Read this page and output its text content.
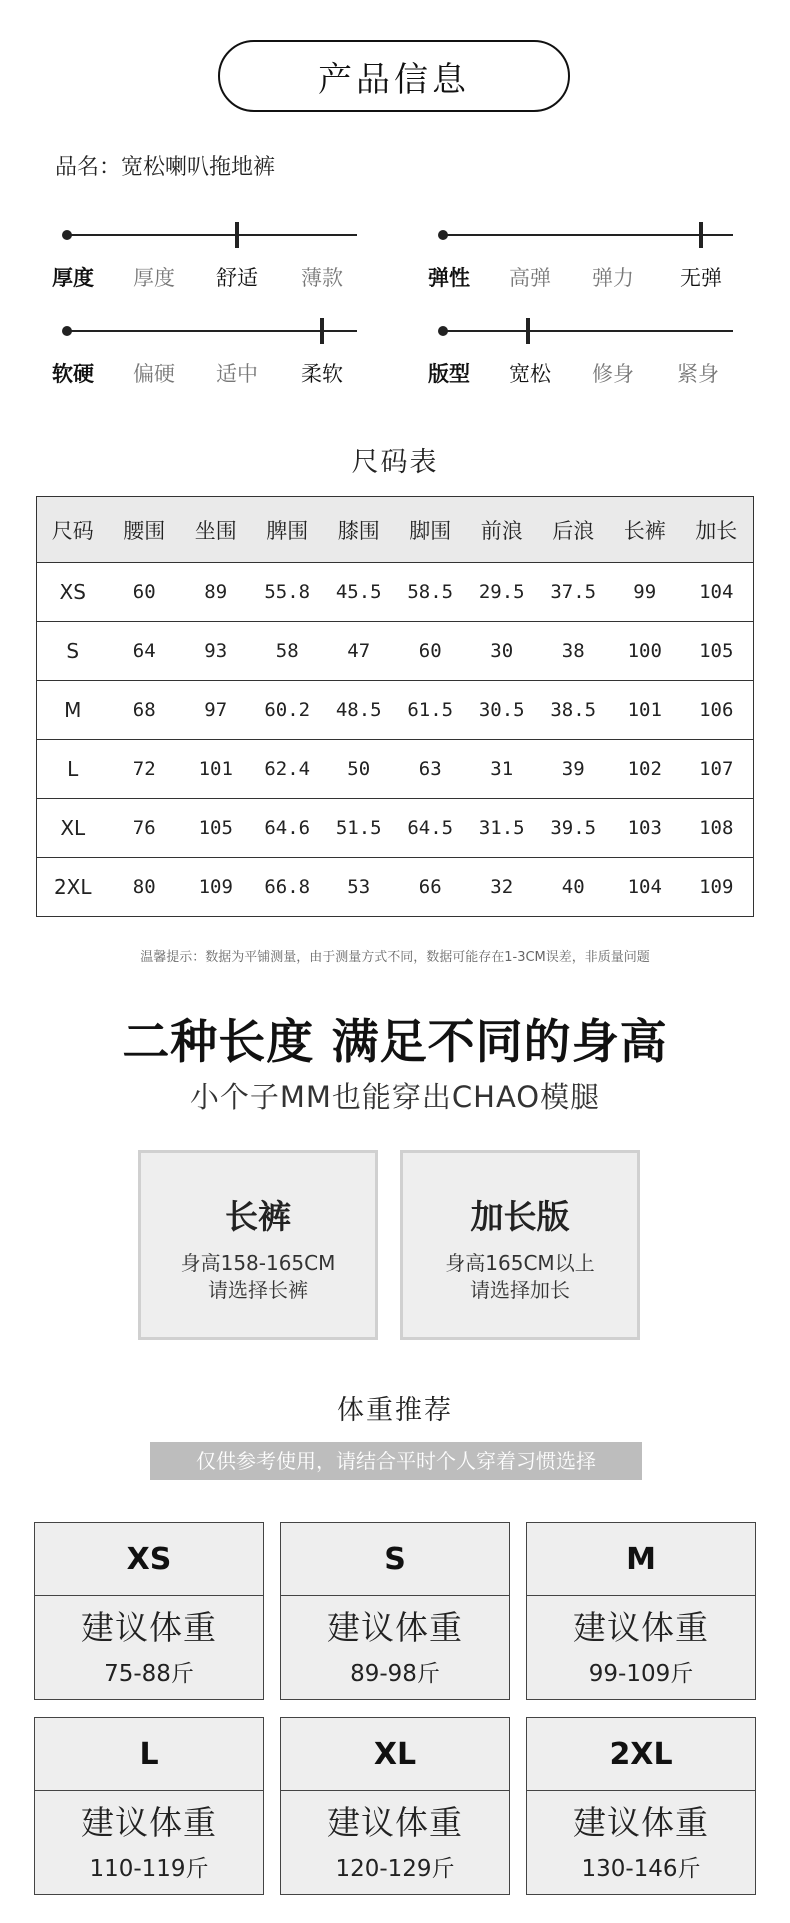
产品信息
品名：宽松喇叭拖地裤
厚度 厚度 舒适 薄款	弹性 高弹 弹力 无弹
软硬 偏硬 适中 柔软	版型 宽松 修身 紧身
尺码表
尺码	腰围	坐围	脾围	膝围	脚围	前浪	后浪	长裤	加长
XS	60	89	55.8	45.5	58.5	29.5	37.5	99	104
S	64	93	58	47	60	30	38	100	105
M	68	97	60.2	48.5	61.5	30.5	38.5	101	106
L	72	101	62.4	50	63	31	39	102	107
XL	76	105	64.6	51.5	64.5	31.5	39.5	103	108
2XL	80	109	66.8	53	66	32	40	104	109
温馨提示：数据为平铺测量，由于测量方式不同，数据可能存在1-3CM误差，非质量问题
二种长度 满足不同的身高
小个子MM也能穿出CHAO模腿
长裤
身高158-165CM
请选择长裤
加长版
身高165CM以上
请选择加长
体重推荐
仅供参考使用，请结合平时个人穿着习惯选择
XS
建议体重
75-88斤
S
建议体重
89-98斤
M
建议体重
99-109斤
L
建议体重
110-119斤
XL
建议体重
120-129斤
2XL
建议体重
130-146斤
